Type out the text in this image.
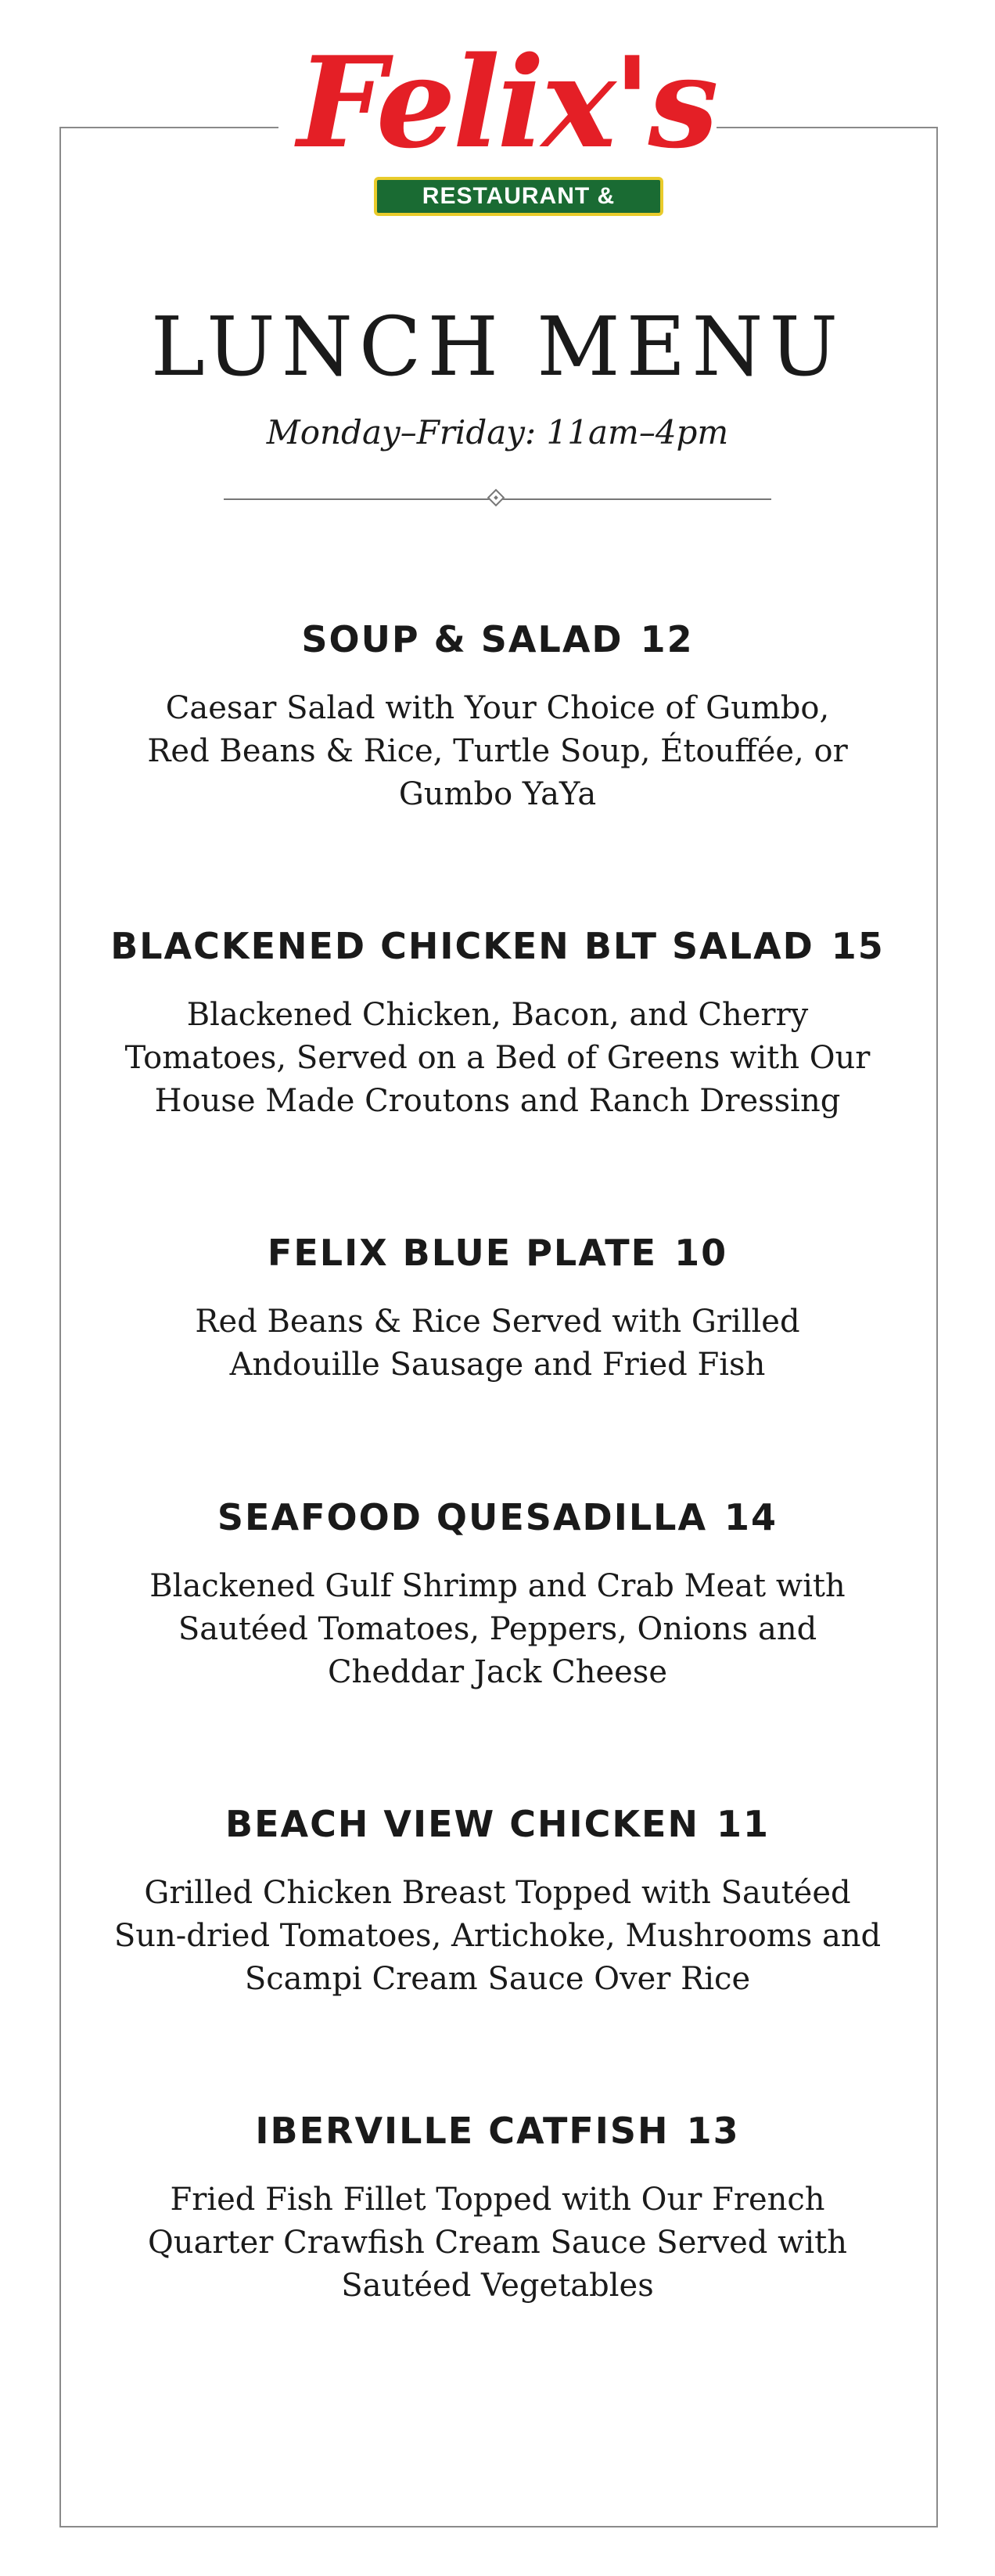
Felix's
RESTAURANT & OYSTER BAR
LUNCH MENU
Monday–Friday: 11am–4pm
SOUP & SALAD 12
Caesar Salad with Your Choice of Gumbo,
Red Beans & Rice, Turtle Soup, Étouffée, or
Gumbo YaYa
BLACKENED CHICKEN BLT SALAD 15
Blackened Chicken, Bacon, and Cherry
Tomatoes, Served on a Bed of Greens with Our
House Made Croutons and Ranch Dressing
FELIX BLUE PLATE 10
Red Beans & Rice Served with Grilled
Andouille Sausage and Fried Fish
SEAFOOD QUESADILLA 14
Blackened Gulf Shrimp and Crab Meat with
Sautéed Tomatoes, Peppers, Onions and
Cheddar Jack Cheese
BEACH VIEW CHICKEN 11
Grilled Chicken Breast Topped with Sautéed
Sun-dried Tomatoes, Artichoke, Mushrooms and
Scampi Cream Sauce Over Rice
IBERVILLE CATFISH 13
Fried Fish Fillet Topped with Our French
Quarter Crawfish Cream Sauce Served with
Sautéed Vegetables
